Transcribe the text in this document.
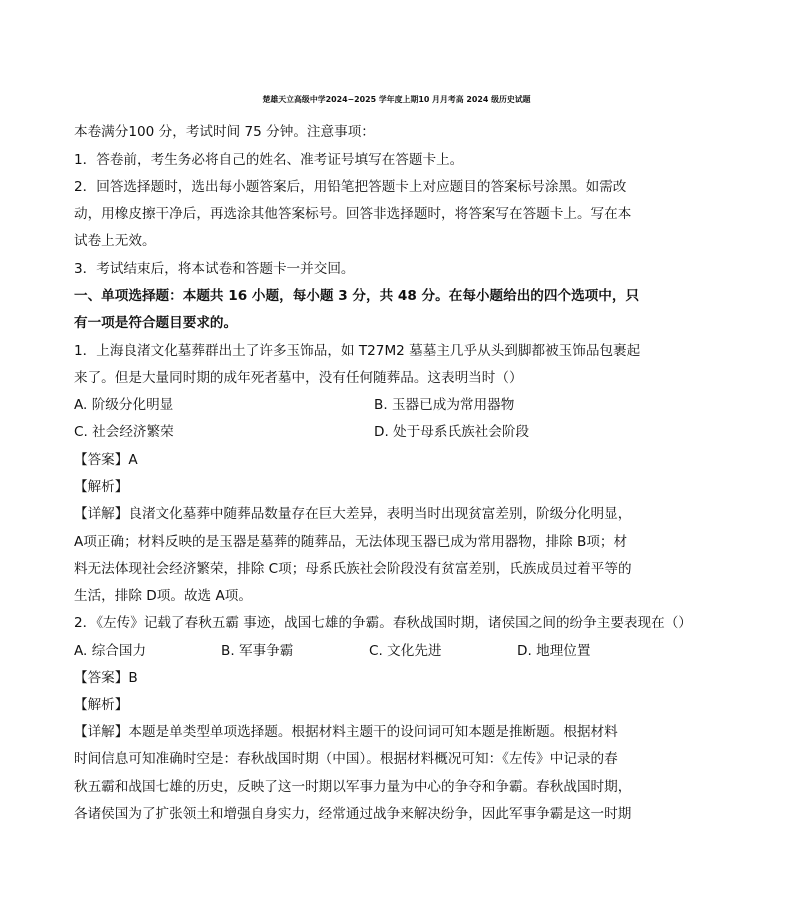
楚雄天立高级中学2024−2025 学年度上期10 月月考高 2024 级历史试题
本卷满分100 分，考试时间 75 分钟。注意事项：
1．答卷前，考生务必将自己的姓名、准考证号填写在答题卡上。
2．回答选择题时，选出每小题答案后，用铅笔把答题卡上对应题目的答案标号涂黑。如需改
动，用橡皮擦干净后，再选涂其他答案标号。回答非选择题时，将答案写在答题卡上。写在本
试卷上无效。
3．考试结束后，将本试卷和答题卡一并交回。
一、单项选择题：本题共 16 小题，每小题 3 分，共 48 分。在每小题给出的四个选项中，只
有一项是符合题目要求的。
1．上海良渚文化墓葬群出土了许多玉饰品，如 T27M2 墓墓主几乎从头到脚都被玉饰品包裹起
来了。但是大量同时期的成年死者墓中，没有任何随葬品。这表明当时（）
A. 阶级分化明显	B. 玉器已成为常用器物
C. 社会经济繁荣	D. 处于母系氏族社会阶段
【答案】A
【解析】
【详解】良渚文化墓葬中随葬品数量存在巨大差异，表明当时出现贫富差别，阶级分化明显，
A项正确；材料反映的是玉器是墓葬的随葬品，无法体现玉器已成为常用器物，排除 B项；材
料无法体现社会经济繁荣，排除 C项；母系氏族社会阶段没有贫富差别，氏族成员过着平等的
生活，排除 D项。故选 A项。
2．《左传》记载了春秋五霸 事迹，战国七雄的争霸。春秋战国时期，诸侯国之间的纷争主要表现在（）
A. 综合国力	B. 军事争霸	C. 文化先进	D. 地理位置
【答案】B
【解析】
【详解】本题是单类型单项选择题。根据材料主题干的设问词可知本题是推断题。根据材料
时间信息可知准确时空是：春秋战国时期（中国）。根据材料概况可知：《左传》中记录的春
秋五霸和战国七雄的历史，反映了这一时期以军事力量为中心的争夺和争霸。春秋战国时期，
各诸侯国为了扩张领土和增强自身实力，经常通过战争来解决纷争，因此军事争霸是这一时期
